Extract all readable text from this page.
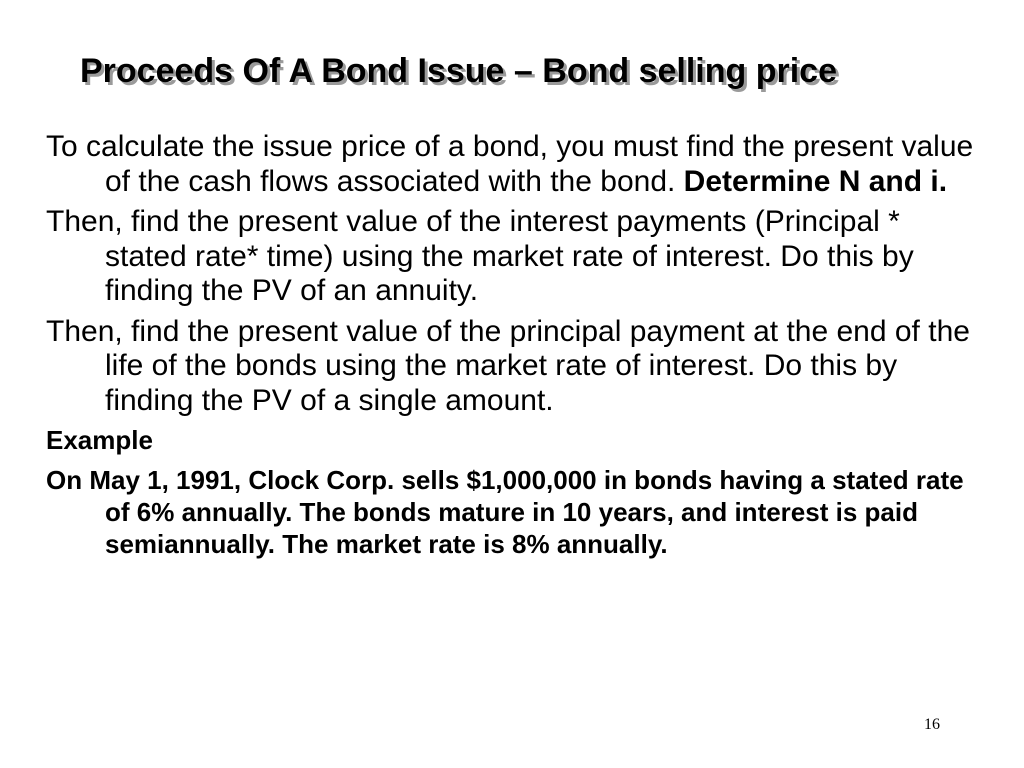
Proceeds Of A Bond Issue – Bond selling price

To calculate the issue price of a bond, you must find the present value of the cash flows associated with the bond. Determine N and i.

Then, find the present value of the interest payments (Principal * stated rate* time) using the market rate of interest. Do this by finding the PV of an annuity.

Then, find the present value of the principal payment at the end of the life of the bonds using the market rate of interest. Do this by finding the PV of a single amount.

Example

On May 1, 1991, Clock Corp. sells $1,000,000 in bonds having a stated rate of 6% annually. The bonds mature in 10 years, and interest is paid semiannually. The market rate is 8% annually.

16
